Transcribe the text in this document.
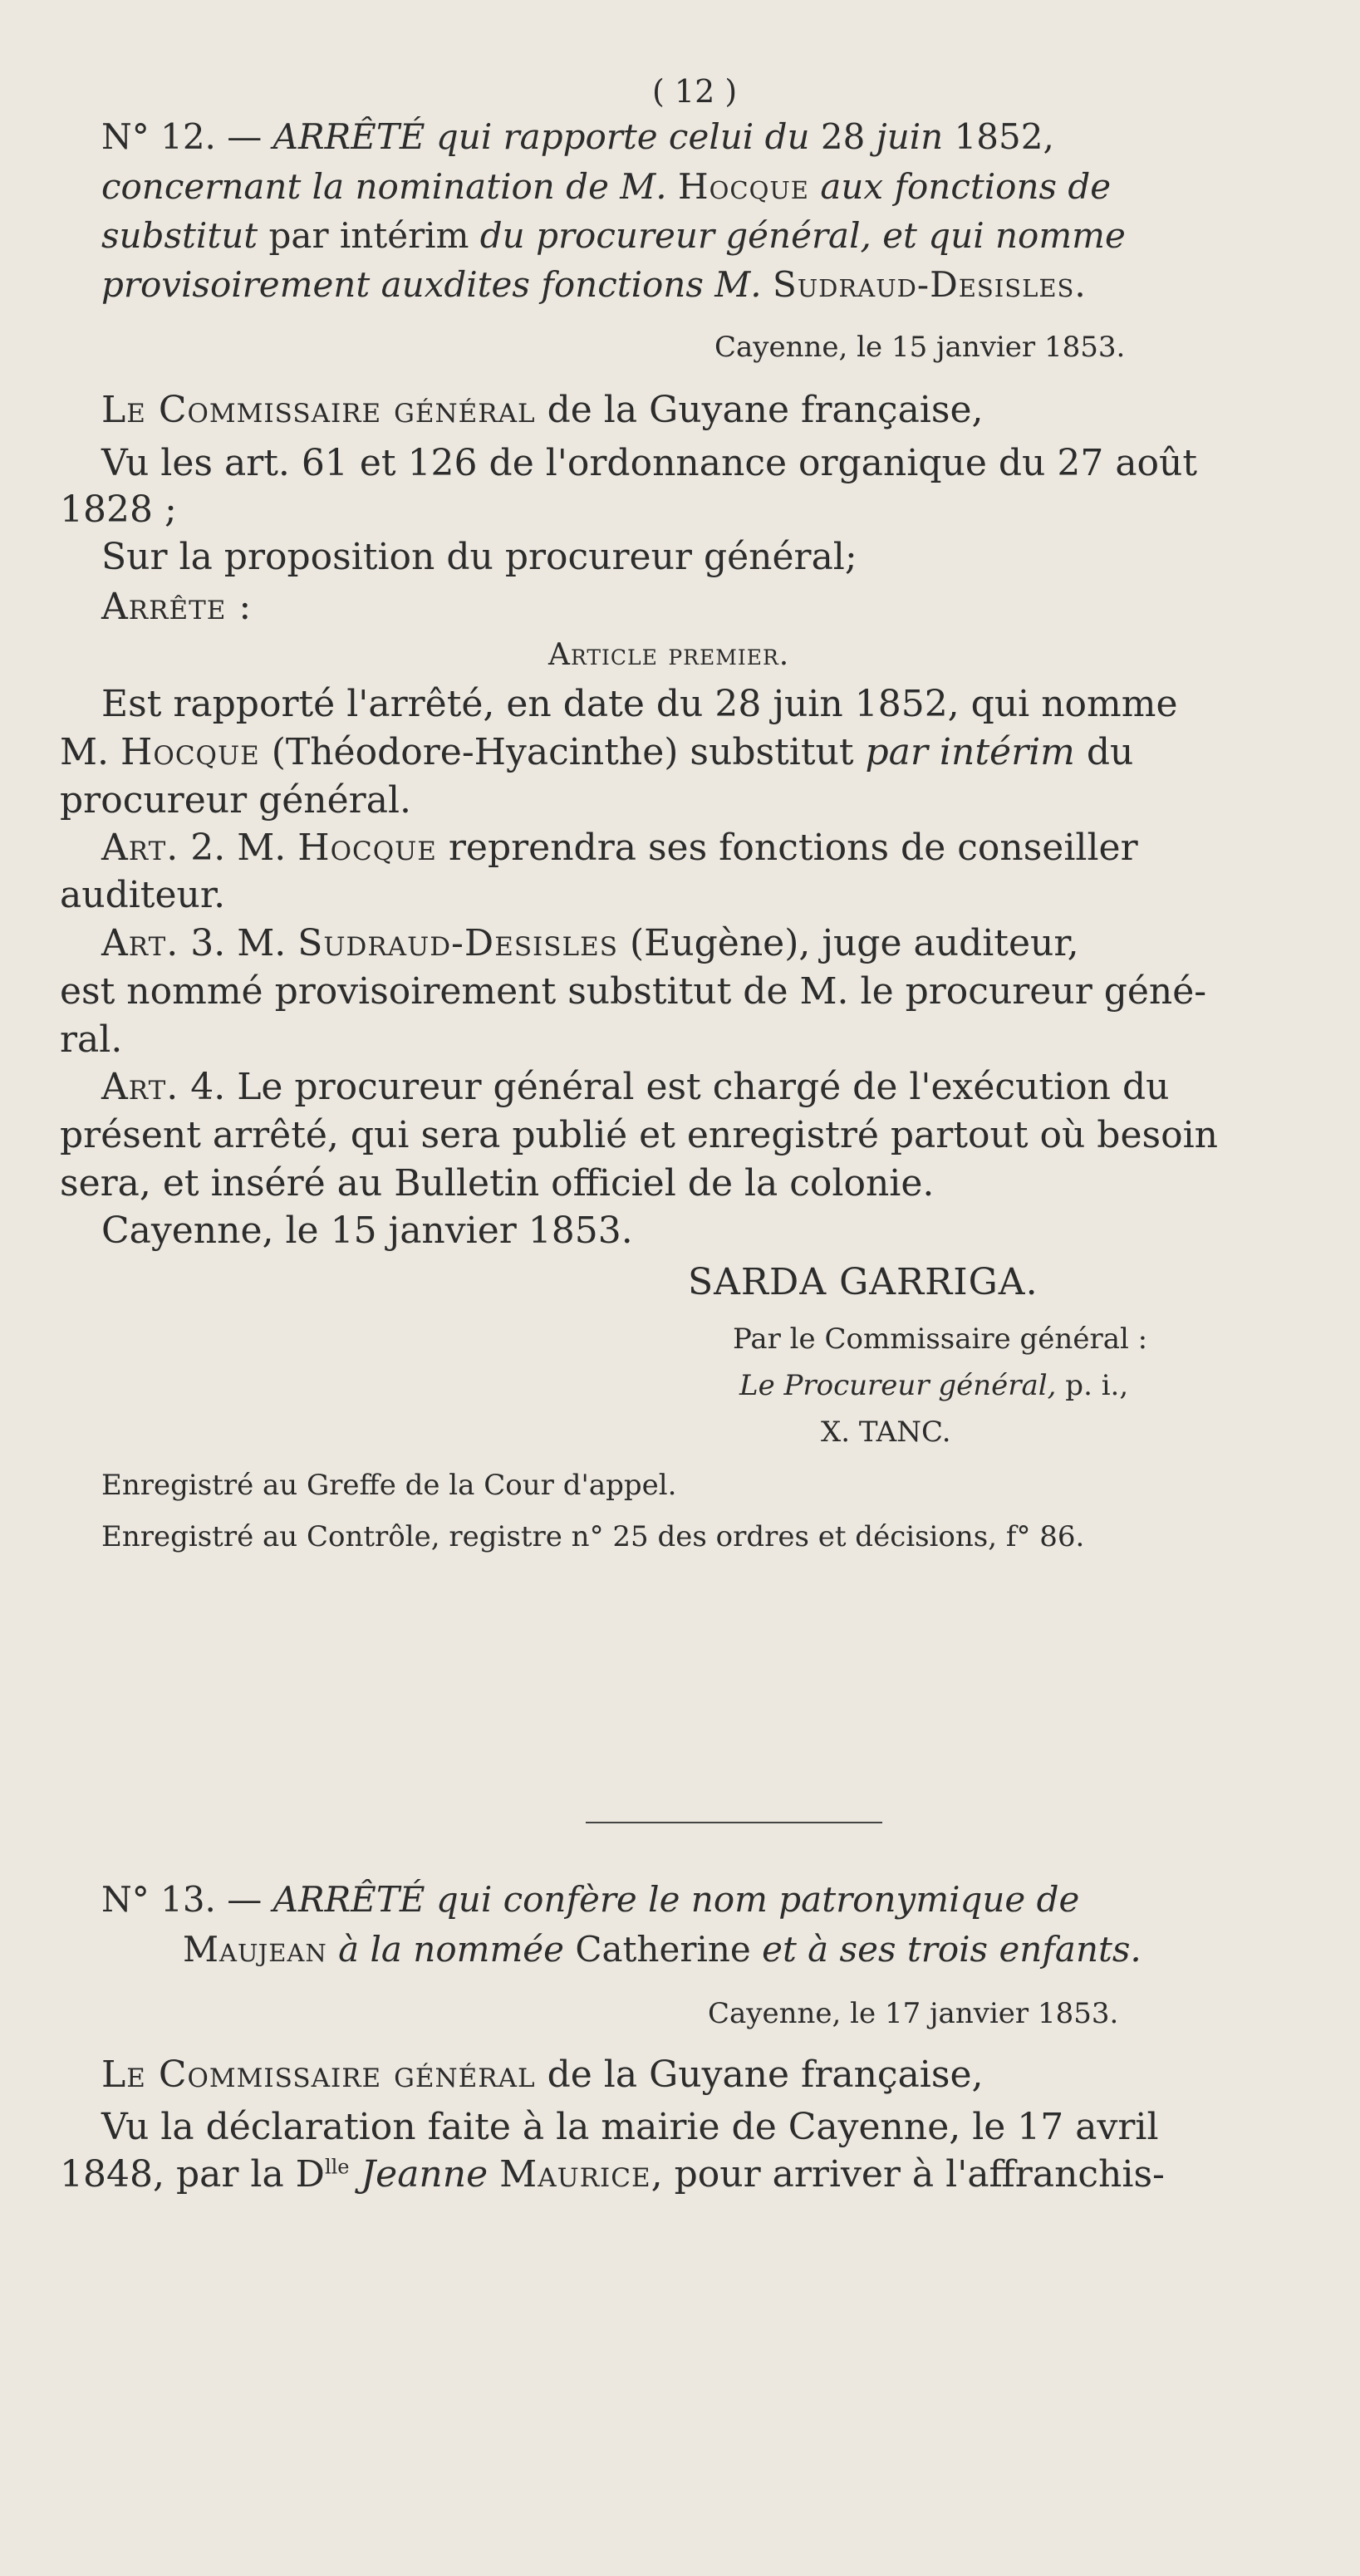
( 12 )

N° 12. — ARRÊTÉ qui rapporte celui du 28 juin 1852,

concernant la nomination de M. Hocque aux fonctions de

substitut par intérim du procureur général, et qui nomme

provisoirement auxdites fonctions M. Sudraud-Desisles.

Cayenne, le 15 janvier 1853.

Le Commissaire général de la Guyane française,

Vu les art. 61 et 126 de l'ordonnance organique du 27 août

1828 ;

Sur la proposition du procureur général;

Arrête :

Article premier.

Est rapporté l'arrêté, en date du 28 juin 1852, qui nomme

M. Hocque (Théodore-Hyacinthe) substitut par intérim du

procureur général.

Art. 2. M. Hocque reprendra ses fonctions de conseiller

auditeur.

Art. 3. M. Sudraud-Desisles (Eugène), juge auditeur,

est nommé provisoirement substitut de M. le procureur géné-

ral.

Art. 4. Le procureur général est chargé de l'exécution du

présent arrêté, qui sera publié et enregistré partout où besoin

sera, et inséré au Bulletin officiel de la colonie.

Cayenne, le 15 janvier 1853.

SARDA GARRIGA.

Par le Commissaire général :

Le Procureur général, p. i.,

X. TANC.

Enregistré au Greffe de la Cour d'appel.

Enregistré au Contrôle, registre n° 25 des ordres et décisions, f° 86.

N° 13. — ARRÊTÉ qui confère le nom patronymique de

Maujean à la nommée Catherine et à ses trois enfants.

Cayenne, le 17 janvier 1853.

Le Commissaire général de la Guyane française,

Vu la déclaration faite à la mairie de Cayenne, le 17 avril

1848, par la $D^{lle}$ Jeanne Maurice, pour arriver à l'affranchis-
